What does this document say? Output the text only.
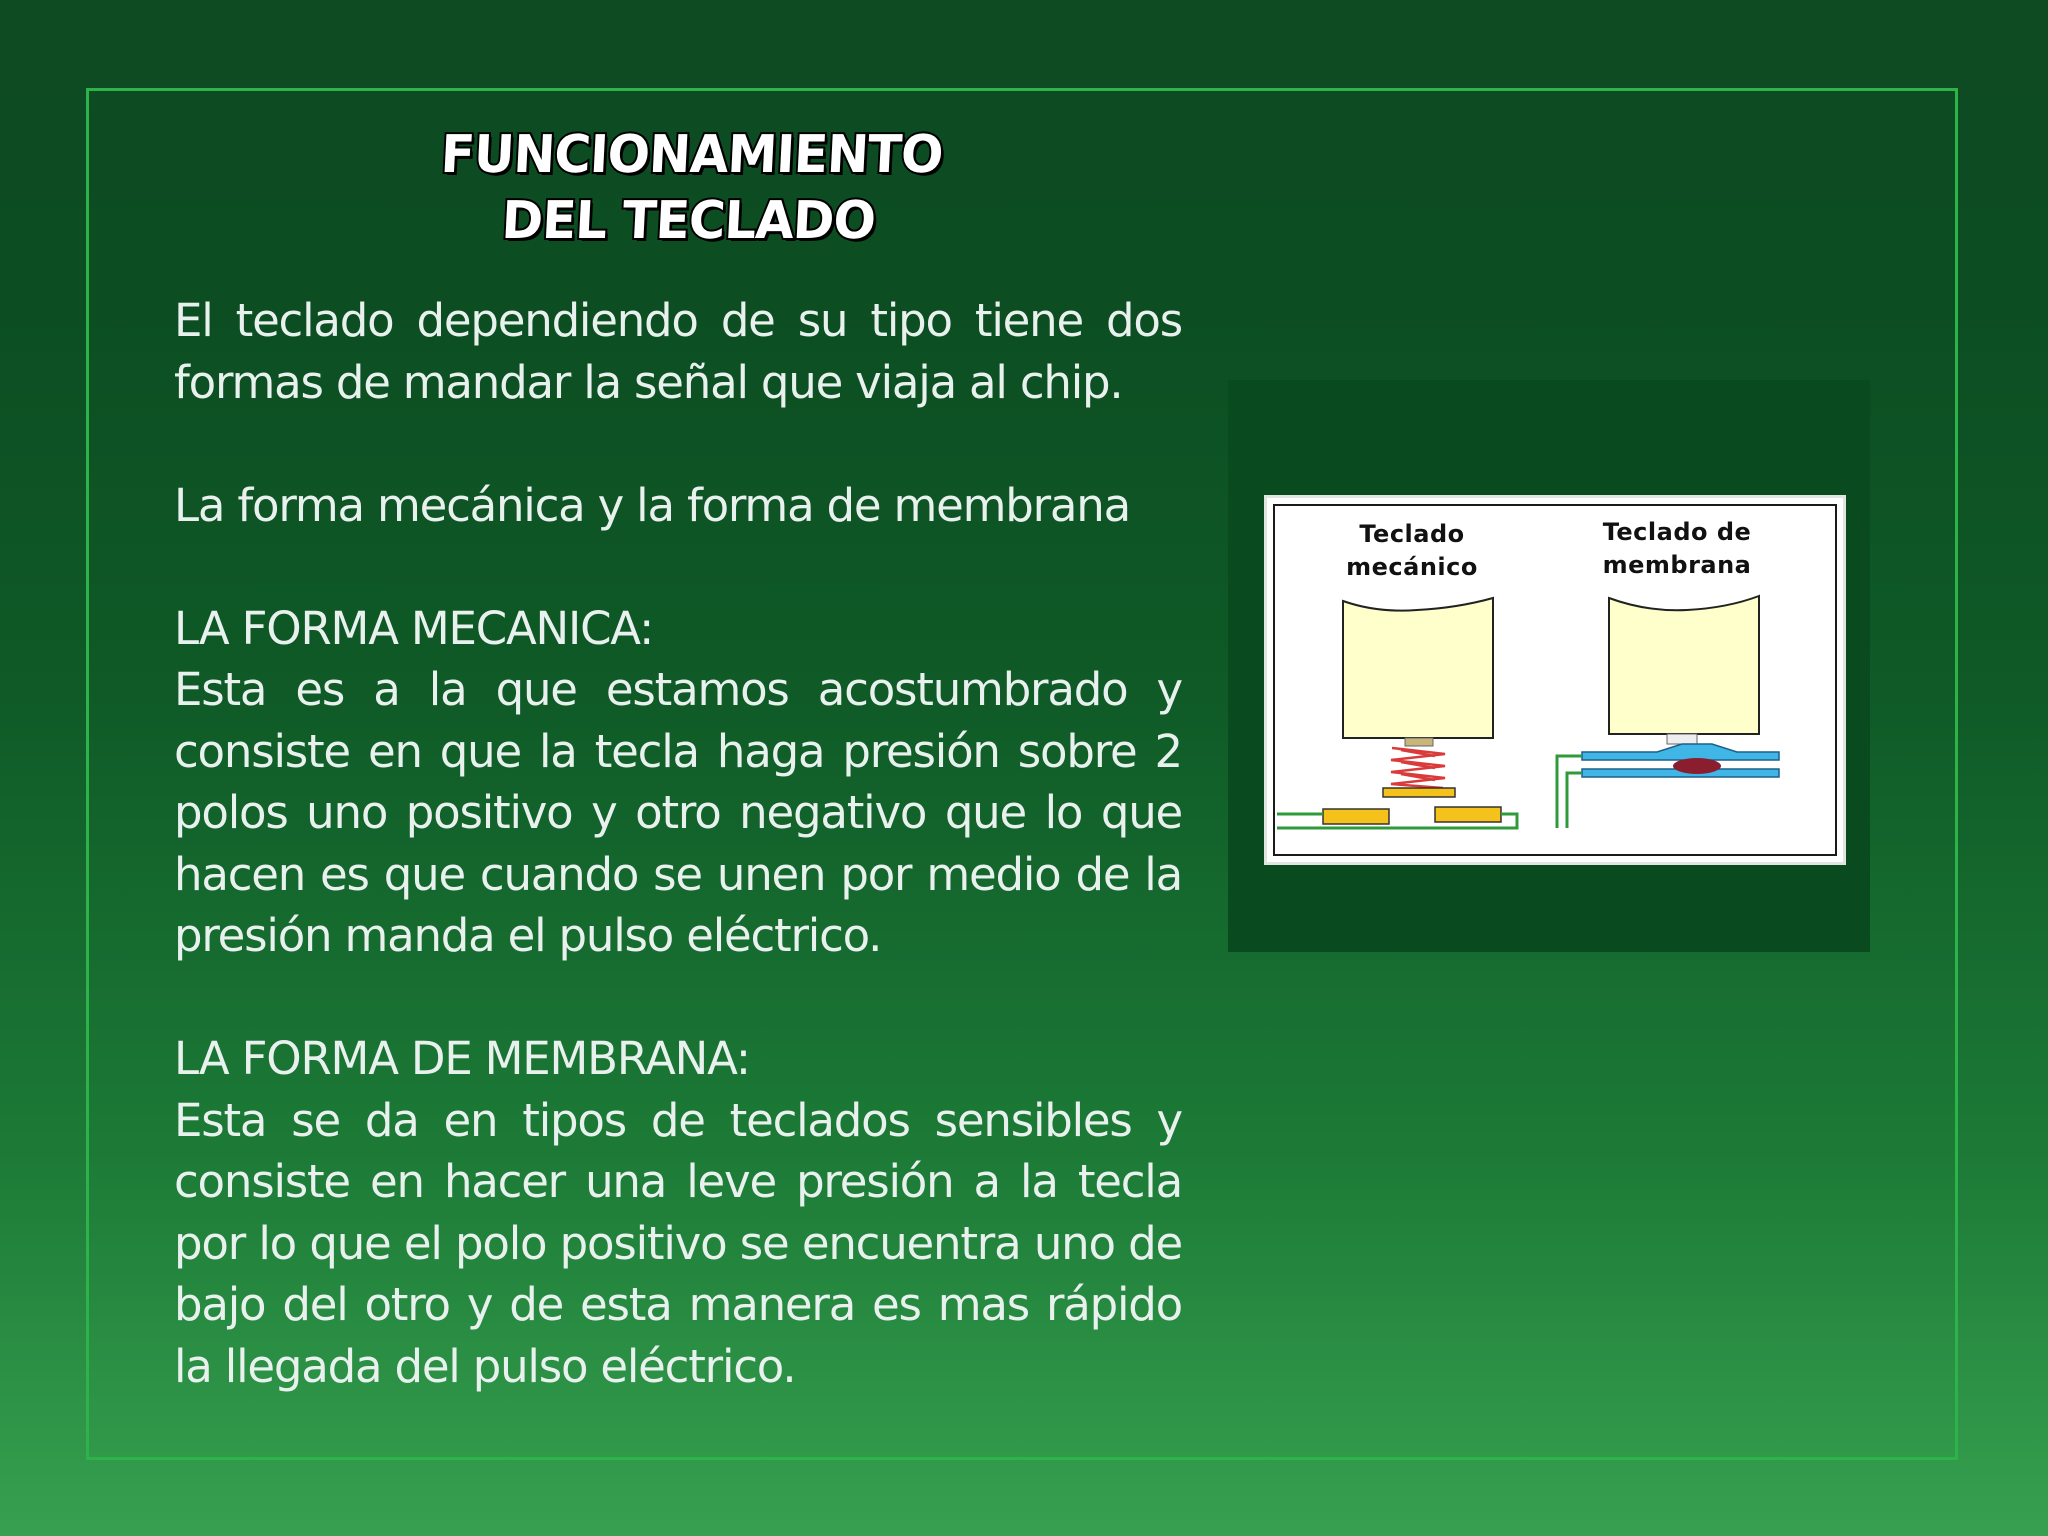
FUNCIONAMIENTO
DEL TECLADO

El teclado dependiendo de su tipo tiene dos formas de mandar la señal que viaja al chip.

La forma mecánica y la forma de membrana

LA FORMA MECANICA:

Esta es a la que estamos acostumbrado y consiste en que la tecla haga presión sobre 2 polos uno positivo y otro negativo que lo que hacen es que cuando se unen por medio de la presión manda el pulso eléctrico.

LA FORMA DE MEMBRANA:

Esta se da en tipos de teclados sensibles y consiste en hacer una leve presión a la tecla por lo que el polo positivo se encuentra uno de bajo del otro y de esta manera es mas rápido la llegada del pulso eléctrico.

Teclado
mecánico
Teclado de
membrana
